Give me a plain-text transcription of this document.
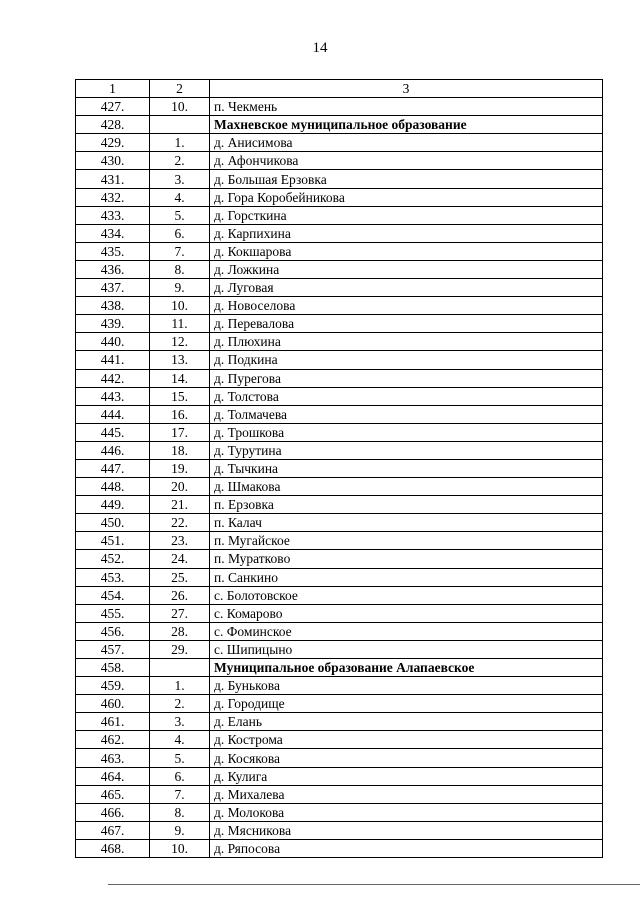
14
1	2	3
427.	10.	п. Чекмень
428.		Махневское муниципальное образование
429.	1.	д. Анисимова
430.	2.	д. Афончикова
431.	3.	д. Большая Ерзовка
432.	4.	д. Гора Коробейникова
433.	5.	д. Горсткина
434.	6.	д. Карпихина
435.	7.	д. Кокшарова
436.	8.	д. Ложкина
437.	9.	д. Луговая
438.	10.	д. Новоселова
439.	11.	д. Перевалова
440.	12.	д. Плюхина
441.	13.	д. Подкина
442.	14.	д. Пурегова
443.	15.	д. Толстова
444.	16.	д. Толмачева
445.	17.	д. Трошкова
446.	18.	д. Турутина
447.	19.	д. Тычкина
448.	20.	д. Шмакова
449.	21.	п. Ерзовка
450.	22.	п. Калач
451.	23.	п. Мугайское
452.	24.	п. Муратково
453.	25.	п. Санкино
454.	26.	с. Болотовское
455.	27.	с. Комарово
456.	28.	с. Фоминское
457.	29.	с. Шипицыно
458.		Муниципальное образование Алапаевское
459.	1.	д. Бунькова
460.	2.	д. Городище
461.	3.	д. Елань
462.	4.	д. Кострома
463.	5.	д. Косякова
464.	6.	д. Кулига
465.	7.	д. Михалева
466.	8.	д. Молокова
467.	9.	д. Мясникова
468.	10.	д. Ряпосова
